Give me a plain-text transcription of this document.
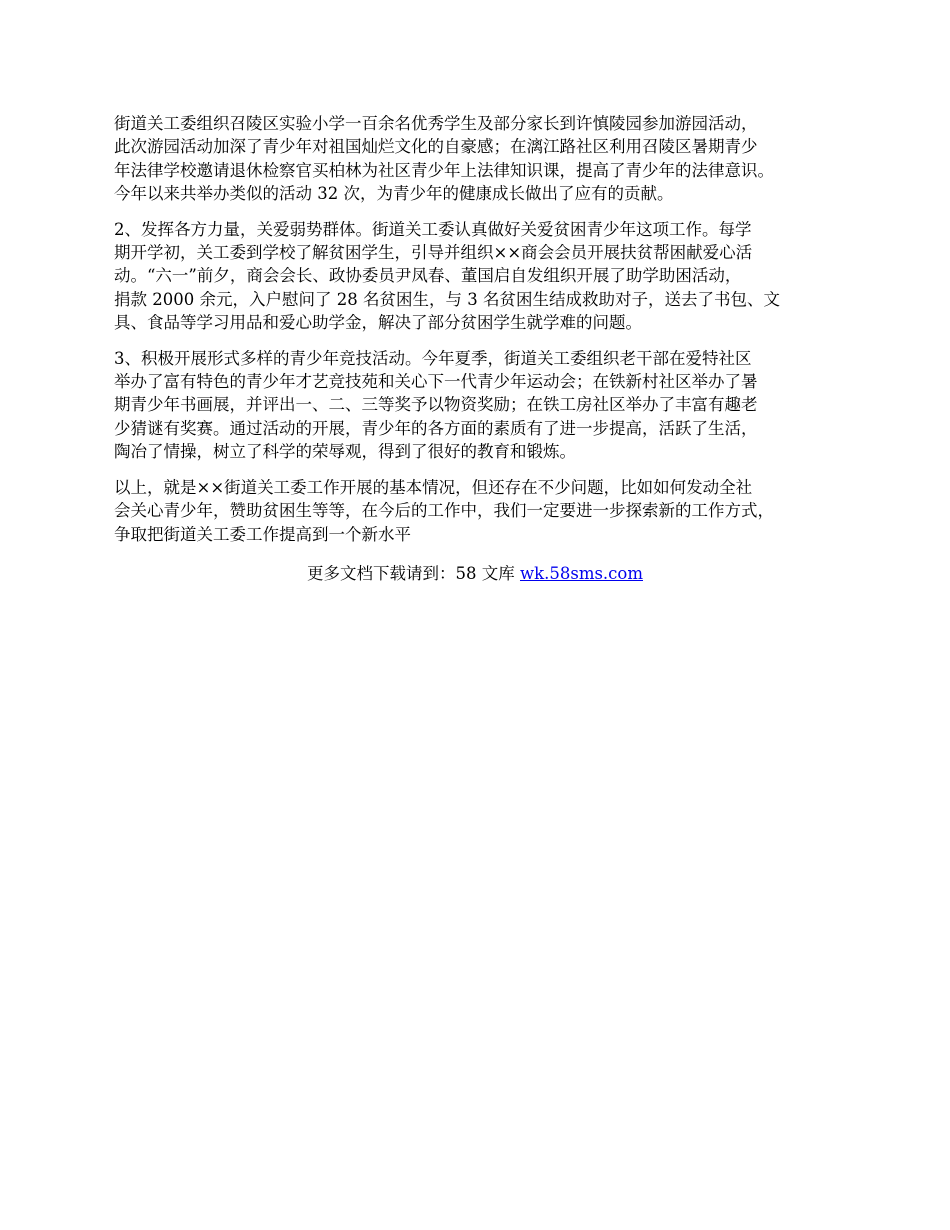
街道关工委组织召陵区实验小学一百余名优秀学生及部分家长到许慎陵园参加游园活动，
此次游园活动加深了青少年对祖国灿烂文化的自豪感；在漓江路社区利用召陵区暑期青少
年法律学校邀请退休检察官买柏林为社区青少年上法律知识课，提高了青少年的法律意识。
今年以来共举办类似的活动 32 次，为青少年的健康成长做出了应有的贡献。

2、发挥各方力量，关爱弱势群体。街道关工委认真做好关爱贫困青少年这项工作。每学
期开学初，关工委到学校了解贫困学生，引导并组织××商会会员开展扶贫帮困献爱心活
动。“六一”前夕，商会会长、政协委员尹凤春、董国启自发组织开展了助学助困活动，
捐款 2000 余元，入户慰问了 28 名贫困生，与 3 名贫困生结成救助对子，送去了书包、文
具、食品等学习用品和爱心助学金，解决了部分贫困学生就学难的问题。

3、积极开展形式多样的青少年竞技活动。今年夏季，街道关工委组织老干部在爱特社区
举办了富有特色的青少年才艺竞技苑和关心下一代青少年运动会；在铁新村社区举办了暑
期青少年书画展，并评出一、二、三等奖予以物资奖励；在铁工房社区举办了丰富有趣老
少猜谜有奖赛。通过活动的开展，青少年的各方面的素质有了进一步提高，活跃了生活，
陶冶了情操，树立了科学的荣辱观，得到了很好的教育和锻炼。

以上，就是××街道关工委工作开展的基本情况，但还存在不少问题，比如如何发动全社
会关心青少年，赞助贫困生等等，在今后的工作中，我们一定要进一步探索新的工作方式，
争取把街道关工委工作提高到一个新水平

更多文档下载请到：58 文库 wk.58sms.com
